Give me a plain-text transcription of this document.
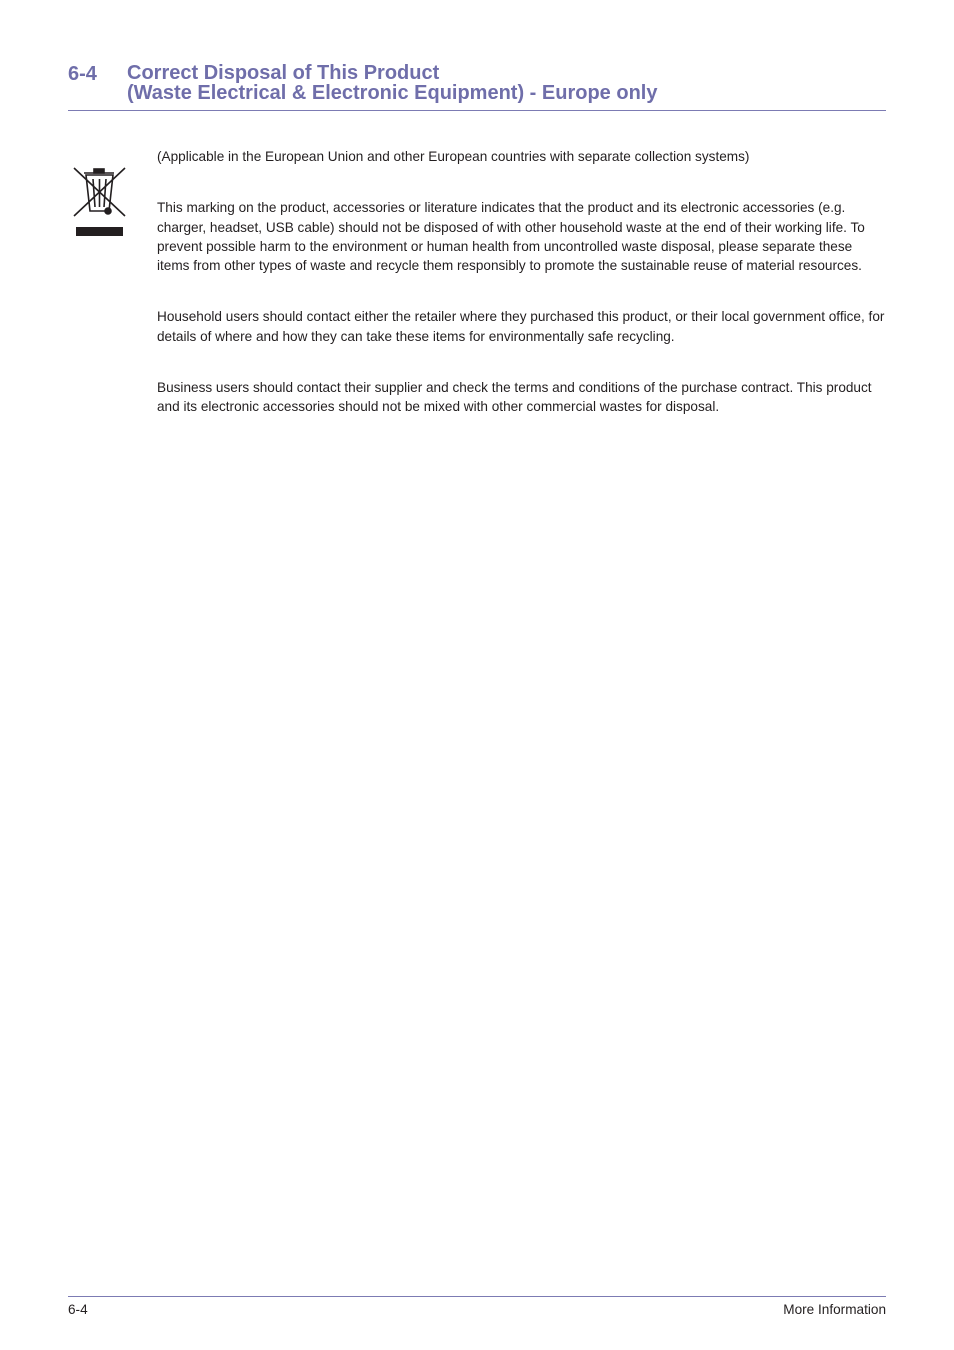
6-4 Correct Disposal of This Product
(Waste Electrical & Electronic Equipment) - Europe only

(Applicable in the European Union and other European countries with separate collection systems)

This marking on the product, accessories or literature indicates that the product and its electronic accessories (e.g. charger, headset, USB cable) should not be disposed of with other household waste at the end of their working life. To prevent possible harm to the environment or human health from uncontrolled waste disposal, please separate these items from other types of waste and recycle them responsibly to promote the sustainable reuse of material resources.

Household users should contact either the retailer where they purchased this product, or their local government office, for details of where and how they can take these items for environmentally safe recycling.

Business users should contact their supplier and check the terms and conditions of the purchase contract. This product and its electronic accessories should not be mixed with other commercial wastes for disposal.

6-4	More Information
